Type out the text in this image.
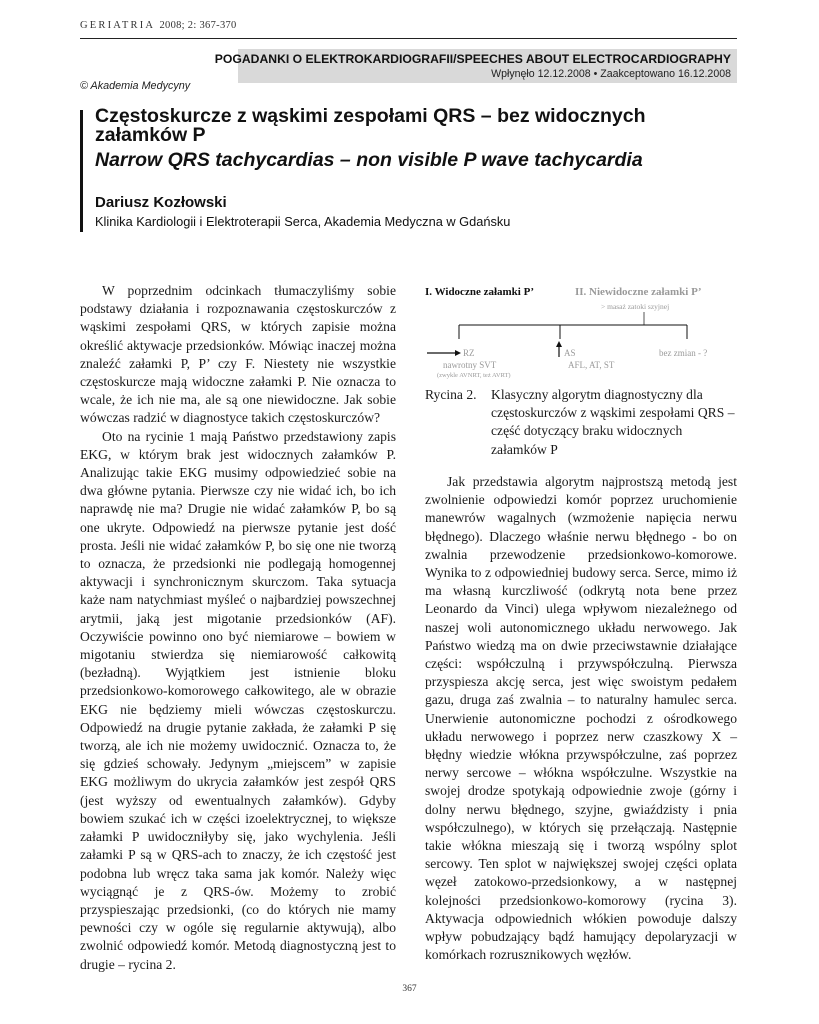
GERIATRIA 2008; 2: 367-370
POGADANKI O ELEKTROKARDIOGRAFII/SPEECHES ABOUT ELECTROCARDIOGRAPHY
Wpłynęło 12.12.2008 • Zaakceptowano 16.12.2008
© Akademia Medycyny
Częstoskurcze z wąskimi zespołami QRS – bez widocznych załamków P
Narrow QRS tachycardias – non visible P wave tachycardia
Dariusz Kozłowski
Klinika Kardiologii i Elektroterapii Serca, Akademia Medyczna w Gdańsku

W poprzednim odcinkach tłumaczyliśmy sobie podstawy działania i rozpoznawania częstoskurczów z wąskimi zespołami QRS, w których zapisie można określić aktywacje przedsionków. Mówiąc inaczej można znaleźć załamki P, P’ czy F. Niestety nie wszystkie częstoskurcze mają widoczne załamki P. Nie oznacza to wcale, że ich nie ma, ale są one niewidoczne. Jak sobie wówczas radzić w diagnostyce takich częstoskurczów?

Oto na rycinie 1 mają Państwo przedstawiony zapis EKG, w którym brak jest widocznych załamków P. Analizując takie EKG musimy odpowiedzieć sobie na dwa główne pytania. Pierwsze czy nie widać ich, bo ich naprawdę nie ma? Drugie nie widać załamków P, bo są one ukryte. Odpowiedź na pierwsze pytanie jest dość prosta. Jeśli nie widać załamków P, bo się one nie tworzą to oznacza, że przedsionki nie podlegają homogennej aktywacji i synchronicznym skurczom. Taka sytuacja każe nam natychmiast myśleć o najbardziej powszechnej arytmii, jaką jest migotanie przedsionków (AF). Oczywiście powinno ono być niemiarowe – bowiem w migotaniu stwierdza się niemiarowość całkowitą (bezładną). Wyjątkiem jest istnienie bloku przedsionkowo-komorowego całkowitego, ale w obrazie EKG nie będziemy mieli wówczas częstoskurczu. Odpowiedź na drugie pytanie zakłada, że załamki P się tworzą, ale ich nie możemy uwidocznić. Oznacza to, że się gdzieś schowały. Jedynym „miejscem” w zapisie EKG możliwym do ukrycia załamków jest zespół QRS (jest wyższy od ewentualnych załamków). Gdyby bowiem szukać ich w części izoelektrycznej, to większe załamki P uwidoczniłyby się, jako wychylenia. Jeśli załamki P są w QRS-ach to znaczy, że ich częstość jest podobna lub wręcz taka sama jak komór. Należy więc wyciągnąć je z QRS-ów. Możemy to zrobić przyspieszając przedsionki, (co do których nie mamy pewności czy w ogóle się regularnie aktywują), albo zwolnić odpowiedź komór. Metodą diagnostyczną jest to drugie – rycina 2.

I. Widoczne załamki P’	II. Niewidoczne załamki P’
> masaż zatoki szyjnej
RZ
nawrotny SVT
(zwykle AVNRT, też AVRT)
AS
AFL, AT, ST
bez zmian - ?
Rycina 2. Klasyczny algorytm diagnostyczny dla częstoskurczów z wąskimi zespołami QRS – część dotyczący braku widocznych załamków P

Jak przedstawia algorytm najprostszą metodą jest zwolnienie odpowiedzi komór poprzez uruchomienie manewrów wagalnych (wzmożenie napięcia nerwu błędnego). Dlaczego właśnie nerwu błędnego - bo on zwalnia przewodzenie przedsionkowo-komorowe. Wynika to z odpowiedniej budowy serca. Serce, mimo iż ma własną kurczliwość (odkrytą nota bene przez Leonardo da Vinci) ulega wpływom niezależnego od naszej woli autonomicznego układu nerwowego. Jak Państwo wiedzą ma on dwie przeciwstawnie działające części: współczulną i przywspółczulną. Pierwsza przyspiesza akcję serca, jest więc swoistym pedałem gazu, druga zaś zwalnia – to naturalny hamulec serca. Unerwienie autonomiczne pochodzi z ośrodkowego układu nerwowego i poprzez nerw czaszkowy X – błędny wiedzie włókna przywspółczulne, zaś poprzez nerwy sercowe – włókna współczulne. Wszystkie na swojej drodze spotykają odpowiednie zwoje (górny i dolny nerwu błędnego, szyjne, gwiaździsty i pnia współczulnego), w których się przełączają. Następnie takie włókna mieszają się i tworzą wspólny splot sercowy. Ten splot w największej swojej części oplata węzeł zatokowo-przedsionkowy, a w następnej kolejności przedsionkowo-komorowy (rycina 3). Aktywacja odpowiednich włókien powoduje dalszy wpływ pobudzający bądź hamujący depolaryzacji w komórkach rozrusznikowych węzłów.

367
